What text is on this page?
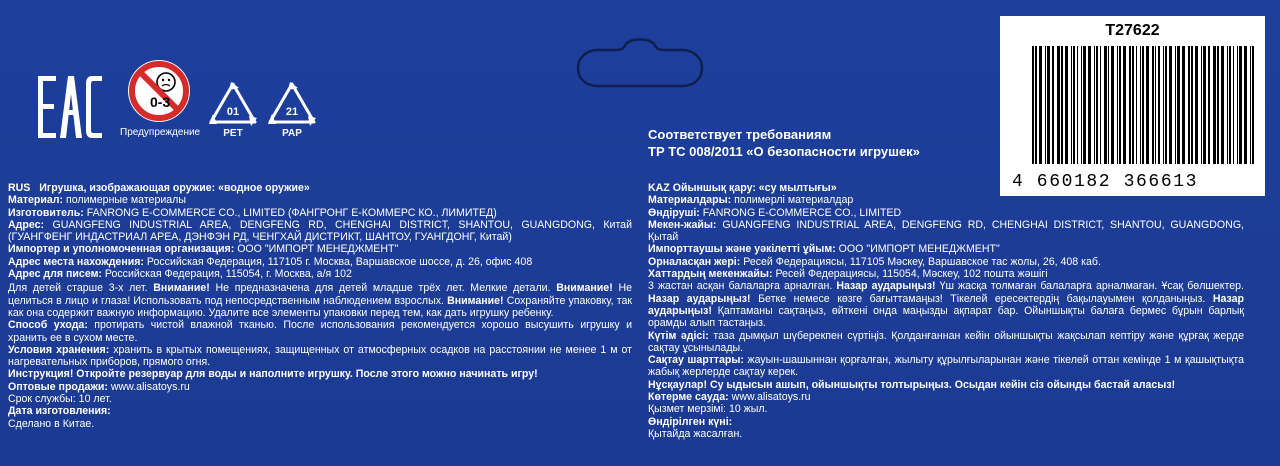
0-3
Предупреждение
01
PET
21
PAP	Соответствует требованиям
ТР ТС 008/2011 «О безопасности игрушек»
T27622
4 660182 366613

RUS Игрушка, изображающая оружие: «водное оружие»

Материал: полимерные материалы

Изготовитель: FANRONG E-COMMERCE CO., LIMITED (ФАНГРОНГ Е-КОММЕРС КО., ЛИМИТЕД)

Адрес: GUANGFENG INDUSTRIAL AREA, DENGFENG RD, CHENGHAI DISTRICT, SHANTOU, GUANGDONG, Китай (ГУАНГФЕНГ ИНДАСТРИАЛ АРЕА, ДЭНФЭН РД, ЧЕНГХАЙ ДИСТРИКТ, ШАНТОУ, ГУАНГДОНГ, Китай)

Импортер и уполномоченная организация: ООО "ИМПОРТ МЕНЕДЖМЕНТ"

Адрес места нахождения: Российская Федерация, 117105 г. Москва, Варшавское шоссе, д. 26, офис 408

Адрес для писем: Российская Федерация, 115054, г. Москва, а/я 102

Для детей старше 3-х лет. Внимание! Не предназначена для детей младше трёх лет. Мелкие детали. Внимание! Не целиться в лицо и глаза! Использовать под непосредственным наблюдением взрослых. Внимание! Сохраняйте упаковку, так как она содержит важную информацию. Удалите все элементы упаковки перед тем, как дать игрушку ребенку.

Способ ухода: протирать чистой влажной тканью. После использования рекомендуется хорошо высушить игрушку и хранить ее в сухом месте.

Условия хранения: хранить в крытых помещениях, защищенных от атмосферных осадков на расстоянии не менее 1 м от нагревательных приборов, прямого огня.

Инструкция! Откройте резервуар для воды и наполните игрушку. После этого можно начинать игру!

Оптовые продажи: www.alisatoys.ru

Срок службы: 10 лет.

Дата изготовления:

Сделано в Китае.

KAZ Ойыншық қару: «су мылтығы»

Материалдары: полимерлі материалдар

Өндіруші: FANRONG E-COMMERCE CO., LIMITED

Мекен-жайы: GUANGFENG INDUSTRIAL AREA, DENGFENG RD, CHENGHAI DISTRICT, SHANTOU, GUANGDONG, Қытай

Импорттаушы және уәкілетті ұйым: ООО "ИМПОРТ МЕНЕДЖМЕНТ"

Орналасқан жері: Ресей Федерациясы, 117105 Мәскеу, Варшавское тас жолы, 26, 408 каб.

Хаттардың мекенжайы: Ресей Федерациясы, 115054, Мәскеу, 102 пошта жәшігі

3 жастан асқан балаларға арналған. Назар аударыңыз! Үш жасқа толмаған балаларға арналмаған. Ұсақ бөлшектер. Назар аударыңыз! Бетке немесе көзге бағыттамаңыз! Тікелей ересектердің бақылауымен қолданыңыз. Назар аударыңыз! Қаптаманы сақтаңыз, өйткені онда маңызды ақпарат бар. Ойыншықты балаға бермес бұрын барлық орамды алып тастаңыз.

Күтім әдісі: таза дымқыл шүберекпен сүртіңіз. Қолданғаннан кейін ойыншықты жақсылап кептіру және құрғақ жерде сақтау ұсынылады.

Сақтау шарттары: жауын-шашыннан қорғалған, жылыту құрылғыларынан және тікелей оттан кемінде 1 м қашықтықта жабық жерлерде сақтау керек.

Нұсқаулар! Су ыдысын ашып, ойыншықты толтырыңыз. Осыдан кейін сіз ойынды бастай аласыз!

Көтерме сауда: www.alisatoys.ru

Қызмет мерзімі: 10 жыл.

Өндірілген күні:

Қытайда жасалған.
